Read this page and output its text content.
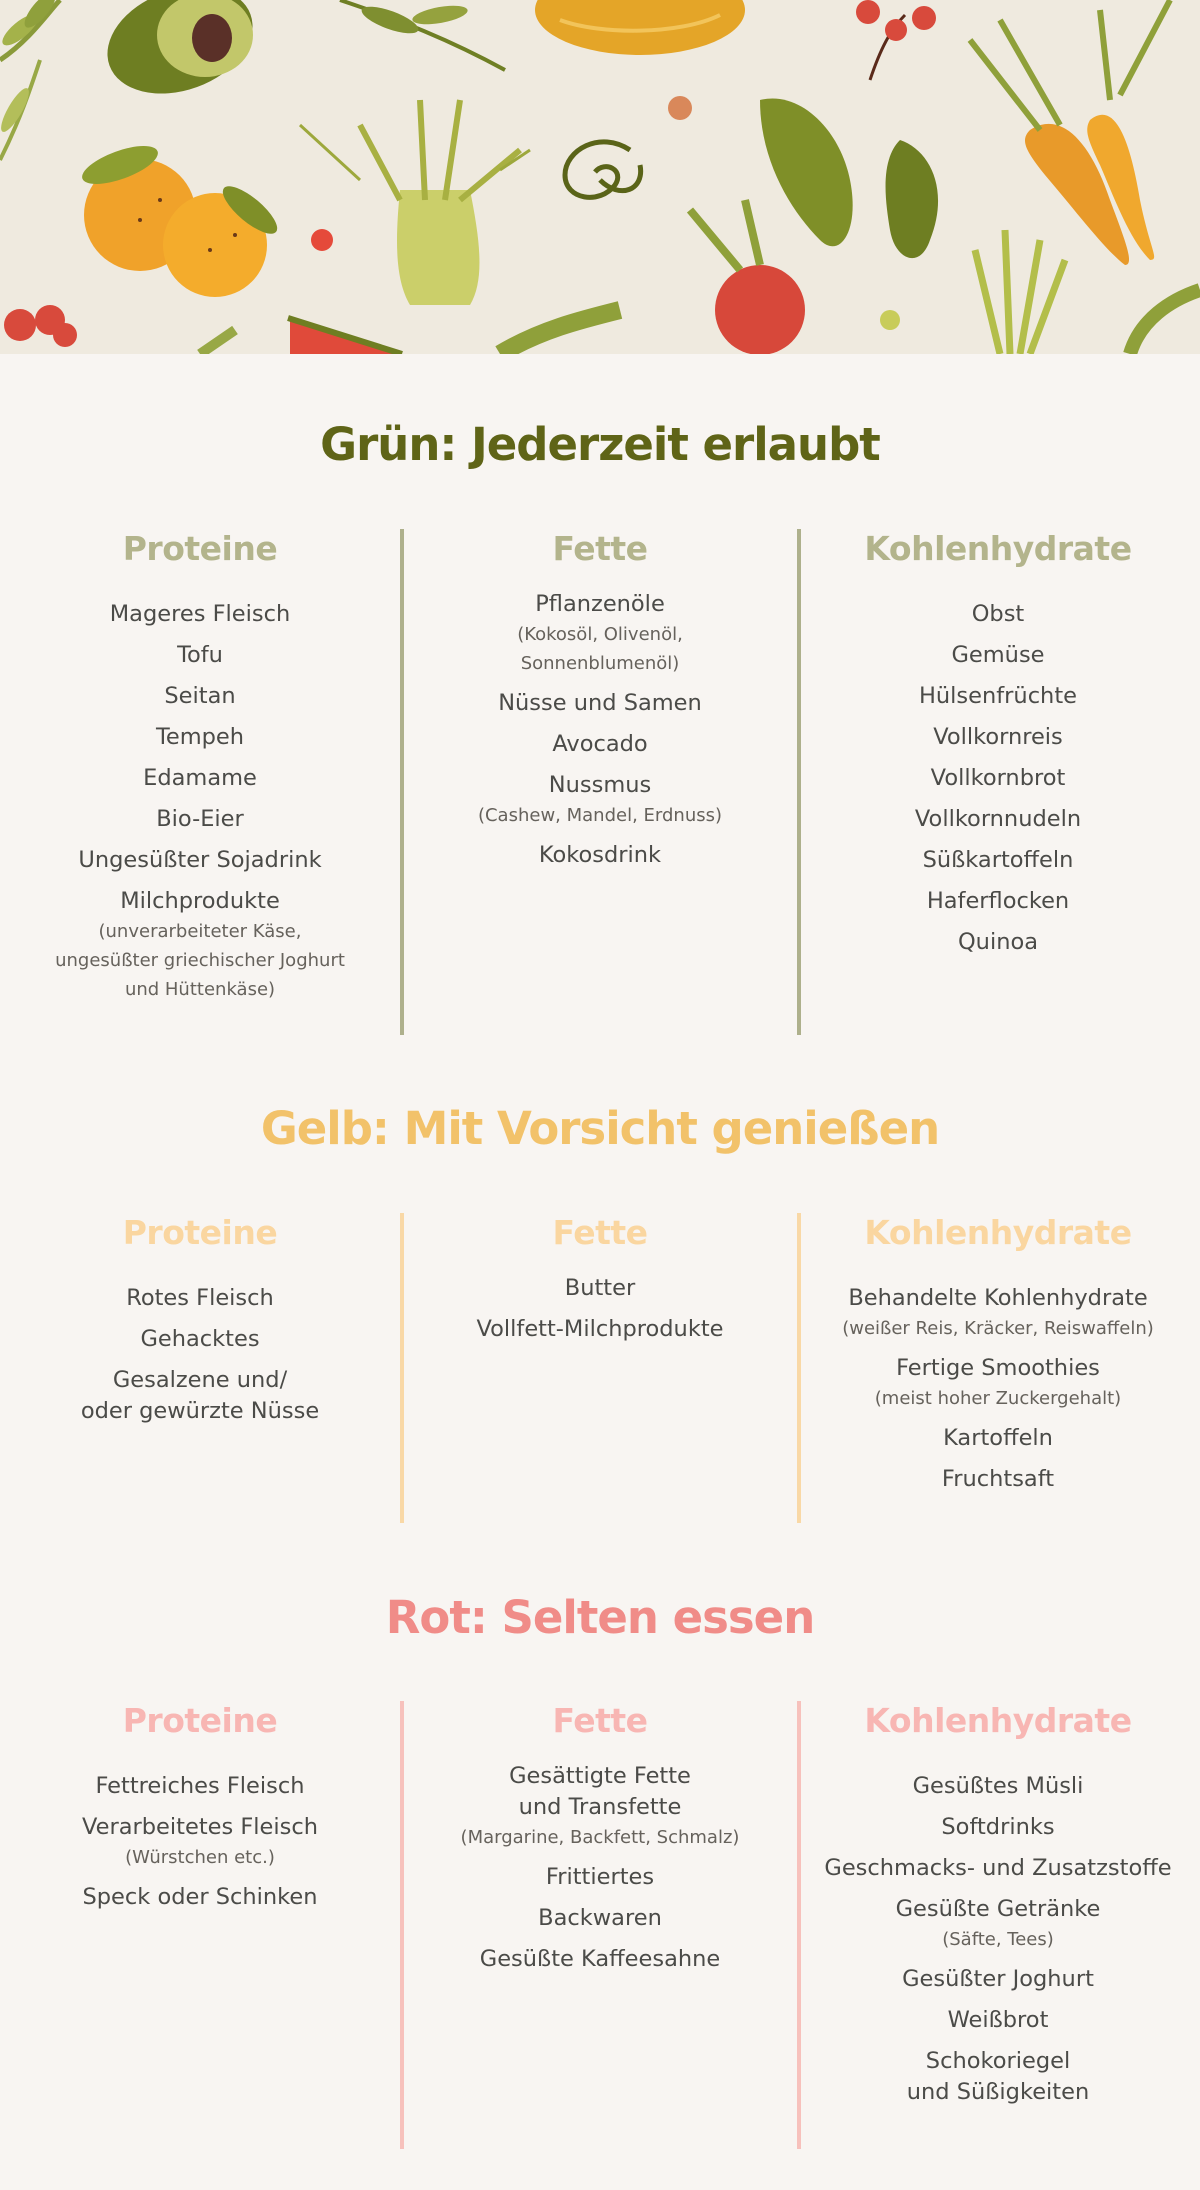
Grün: Jederzeit erlaubt
Proteine
Mageres Fleisch
Tofu
Seitan
Tempeh
Edamame
Bio-Eier
Ungesüßter Sojadrink
Milchprodukte
(unverarbeiteter Käse,
ungesüßter griechischer Joghurt
und Hüttenkäse)
Fette
Pflanzenöle
(Kokosöl, Olivenöl,
Sonnenblumenöl)
Nüsse und Samen
Avocado
Nussmus
(Cashew, Mandel, Erdnuss)
Kokosdrink
Kohlenhydrate
Obst
Gemüse
Hülsenfrüchte
Vollkornreis
Vollkornbrot
Vollkornnudeln
Süßkartoffeln
Haferflocken
Quinoa
Gelb: Mit Vorsicht genießen
Proteine
Rotes Fleisch
Gehacktes
Gesalzene und/
oder gewürzte Nüsse
Fette
Butter
Vollfett-Milchprodukte
Kohlenhydrate
Behandelte Kohlenhydrate
(weißer Reis, Kräcker, Reiswaffeln)
Fertige Smoothies
(meist hoher Zuckergehalt)
Kartoffeln
Fruchtsaft
Rot: Selten essen
Proteine
Fettreiches Fleisch
Verarbeitetes Fleisch
(Würstchen etc.)
Speck oder Schinken
Fette
Gesättigte Fette
und Transfette
(Margarine, Backfett, Schmalz)
Frittiertes
Backwaren
Gesüßte Kaffeesahne
Kohlenhydrate
Gesüßtes Müsli
Softdrinks
Geschmacks- und Zusatzstoffe
Gesüßte Getränke
(Säfte, Tees)
Gesüßter Joghurt
Weißbrot
Schokoriegel
und Süßigkeiten
